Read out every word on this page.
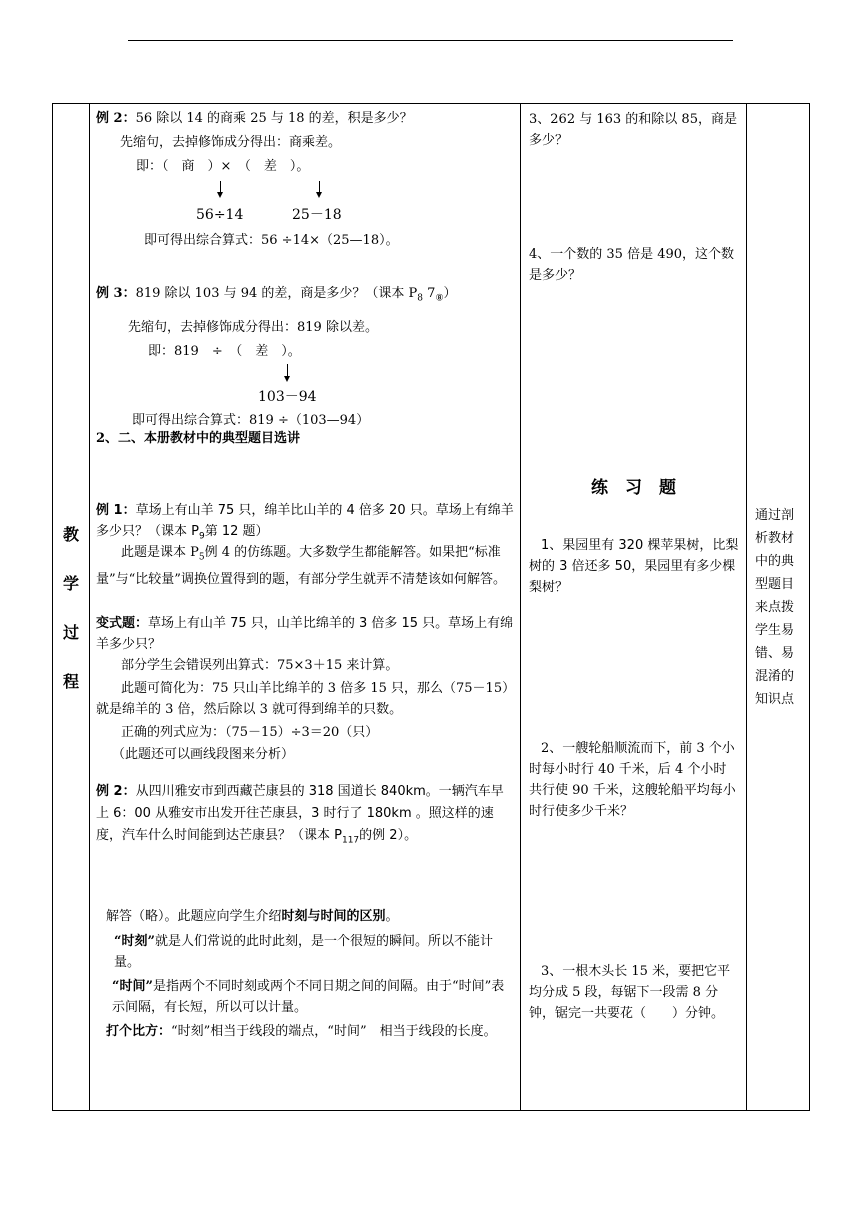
教
学
过
程

例 2：56 除以 14 的商乘 25 与 18 的差，积是多少？
先缩句，去掉修饰成分得出：商乘差。
即：（　商　）×　（　差　）。
56÷14	25－18
即可得出综合算式：56 ÷14×（25—18）。
例 3：819 除以 103 与 94 的差，商是多少？（课本 $P_8$ $7_⑧$）
先缩句，去掉修饰成分得出：819 除以差。
即：819　÷　（　差　）。
103－94
即可得出综合算式：819 ÷（103—94）
2、二、本册教材中的典型题目选讲
例 1：草场上有山羊 75 只，绵羊比山羊的 4 倍多 20 只。草场上有绵羊多少只？（课本 $P_9$第 12 题）
此题是课本 $P_5$例 4 的仿练题。大多数学生都能解答。如果把“标准量”与“比较量”调换位置得到的题，有部分学生就弄不清楚该如何解答。
变式题：草场上有山羊 75 只，山羊比绵羊的 3 倍多 15 只。草场上有绵羊多少只？
部分学生会错误列出算式：75×3＋15 来计算。
此题可简化为：75 只山羊比绵羊的 3 倍多 15 只，那么（75－15）就是绵羊的 3 倍，然后除以 3 就可得到绵羊的只数。
正确的列式应为：（75－15）÷3＝20（只）
（此题还可以画线段图来分析）
例 2：从四川雅安市到西藏芒康县的 318 国道长 840km。一辆汽车早上 6：00 从雅安市出发开往芒康县，3 时行了 180km 。照这样的速度，汽车什么时间能到达芒康县？（课本 $P_{117}$的例 2）。
解答（略）。此题应向学生介绍时刻与时间的区别。
“时刻”就是人们常说的此时此刻，是一个很短的瞬间。所以不能计量。
“时间”是指两个不同时刻或两个不同日期之间的间隔。由于“时间”表示间隔，有长短，所以可以计量。
打个比方：“时刻”相当于线段的端点，“时间”　相当于线段的长度。

3、262 与 163 的和除以 85，商是多少？
4、一个数的 35 倍是 490，这个数是多少？
练　习　题
1、果园里有 320 棵苹果树，比梨树的 3 倍还多 50，果园里有多少棵梨树？
2、一艘轮船顺流而下，前 3 个小时每小时行 40 千米，后 4 个小时共行使 90 千米，这艘轮船平均每小时行使多少千米？
3、一根木头长 15 米，要把它平均分成 5 段，每锯下一段需 8 分钟，锯完一共要花（　　）分钟。

通过剖析教材中的典型题目来点拨学生易错、易混淆的知识点
